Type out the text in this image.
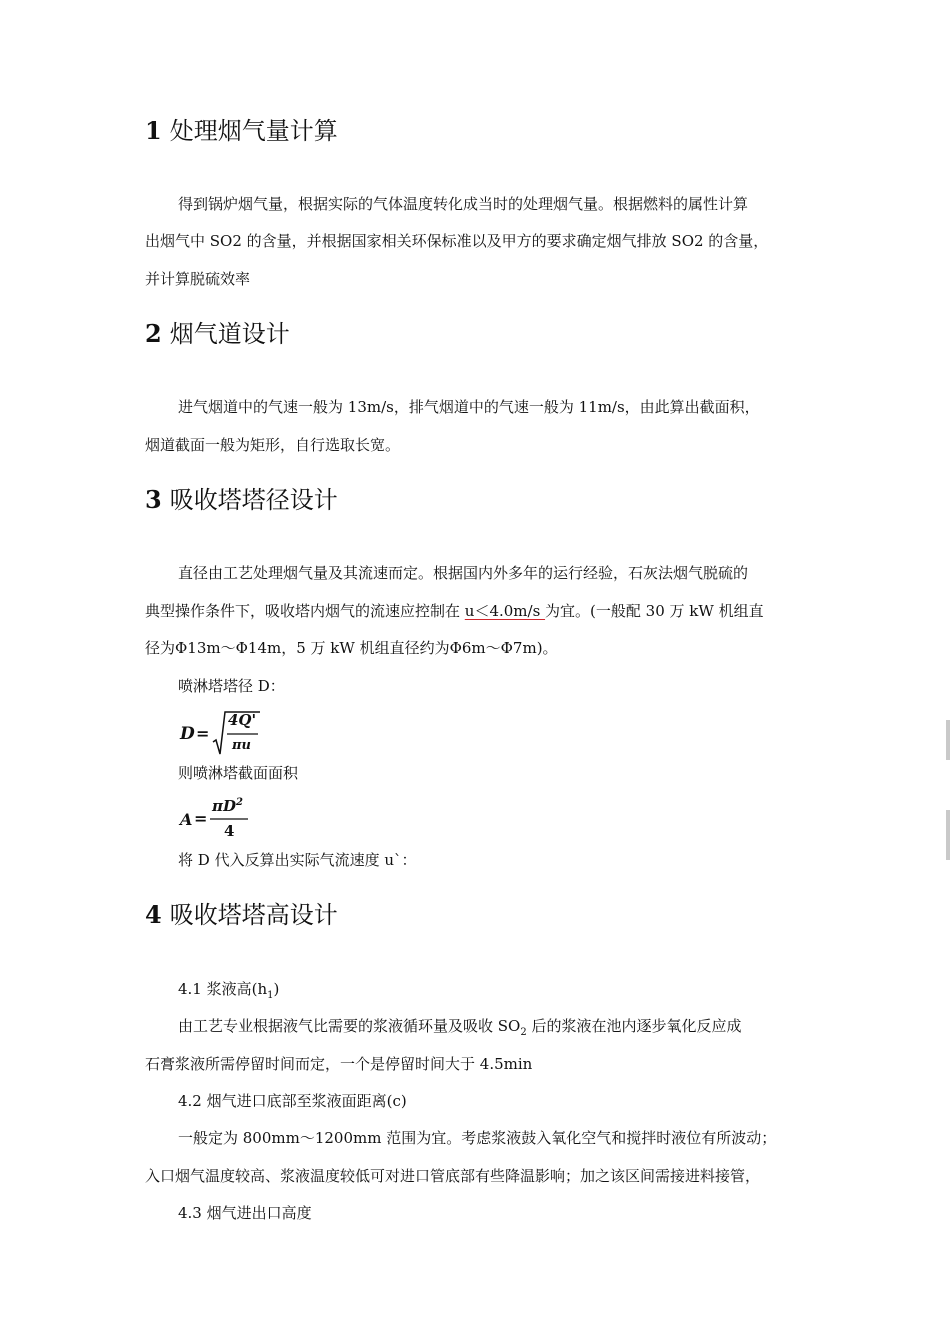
1 处理烟气量计算
得到锅炉烟气量，根据实际的气体温度转化成当时的处理烟气量。根据燃料的属性计算
出烟气中 SO2 的含量，并根据国家相关环保标准以及甲方的要求确定烟气排放 SO2 的含量，
并计算脱硫效率
2 烟气道设计
进气烟道中的气速一般为 13m/s，排气烟道中的气速一般为 11m/s，由此算出截面积，
烟道截面一般为矩形，自行选取长宽。
3 吸收塔塔径设计
直径由工艺处理烟气量及其流速而定。根据国内外多年的运行经验，石灰法烟气脱硫的
典型操作条件下，吸收塔内烟气的流速应控制在 u＜4.0m/s 为宜。(一般配 30 万 kW 机组直
径为Φ13m～Φ14m，5 万 kW 机组直径约为Φ6m～Φ7m)。
喷淋塔塔径 D：
D =
4Q'
πu
则喷淋塔截面面积
A =
$\pi D^2$
4
将 D 代入反算出实际气流速度 u`：
4 吸收塔塔高设计
4.1 浆液高$(h_1)$
由工艺专业根据液气比需要的浆液循环量及吸收 $SO_2$ 后的浆液在池内逐步氧化反应成
石膏浆液所需停留时间而定，一个是停留时间大于 4.5min
4.2 烟气进口底部至浆液面距离(c)
一般定为 800mm～1200mm 范围为宜。考虑浆液鼓入氧化空气和搅拌时液位有所波动；
入口烟气温度较高、浆液温度较低可对进口管底部有些降温影响；加之该区间需接进料接管，
4.3 烟气进出口高度
